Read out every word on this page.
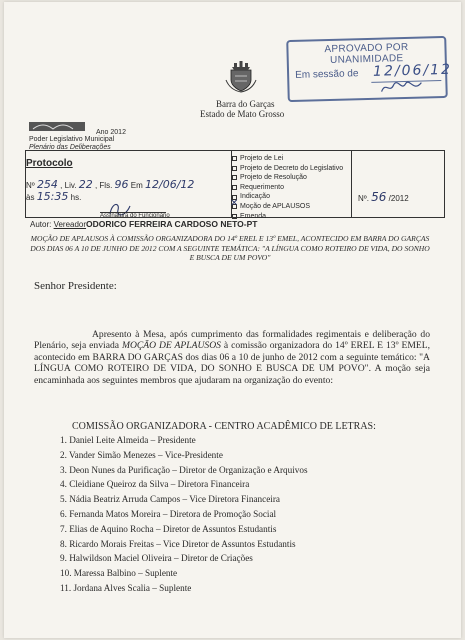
APROVADO POR UNANIMIDADE
Em sessão de 12/06/12
Barra do Garças
Estado de Mato Grosso
Ano 2012
Poder Legislativo Municipal
Plenário das Deliberações
Protocolo
Nº 254 , Liv. 22 , Fls. 96 Em 12/06/12
às 15:35 hs.
Assinatura do Funcionário
Projeto de Lei
Projeto de Decreto do Legislativo
Projeto de Resolução
Requerimento
Indicação
✕
Moção de APLAUSOS
Emenda
Nº. 56 /2012
Autor: VereadorODORICO FERREIRA CARDOSO NETO-PT
MOÇÃO DE APLAUSOS À COMISSÃO ORGANIZADORA DO 14º EREL E 13º EMEL, ACONTECIDO EM BARRA DO GARÇAS DOS DIAS 06 A 10 DE JUNHO DE 2012 COM A SEGUINTE TEMÁTICA: "A LÍNGUA COMO ROTEIRO DE VIDA, DO SONHO E BUSCA DE UM POVO"
Senhor Presidente:
Apresento à Mesa, após cumprimento das formalidades regimentais e deliberação do Plenário, seja enviada MOÇÃO DE APLAUSOS à comissão organizadora do 14º EREL E 13º EMEL, acontecido em BARRA DO GARÇAS dos dias 06 a 10 de junho de 2012 com a seguinte temático: "A LÍNGUA COMO ROTEIRO DE VIDA, DO SONHO E BUSCA DE UM POVO". A moção seja encaminhada aos seguintes membros que ajudaram na organização do evento:
COMISSÃO ORGANIZADORA - CENTRO ACADÊMICO DE LETRAS:
1. Daniel Leite Almeida – Presidente
2. Vander Simão Menezes – Vice-Presidente
3. Deon Nunes da Purificação – Diretor de Organização e Arquivos
4. Cleidiane Queiroz da Silva – Diretora Financeira
5. Nádia Beatriz Arruda Campos – Vice Diretora Financeira
6. Fernanda Matos Moreira – Diretora de Promoção Social
7. Elias de Aquino Rocha – Diretor de Assuntos Estudantis
8. Ricardo Morais Freitas – Vice Diretor de Assuntos Estudantis
9. Halwildson Maciel Oliveira – Diretor de Criações
10. Maressa Balbino – Suplente
11. Jordana Alves Scalia – Suplente
